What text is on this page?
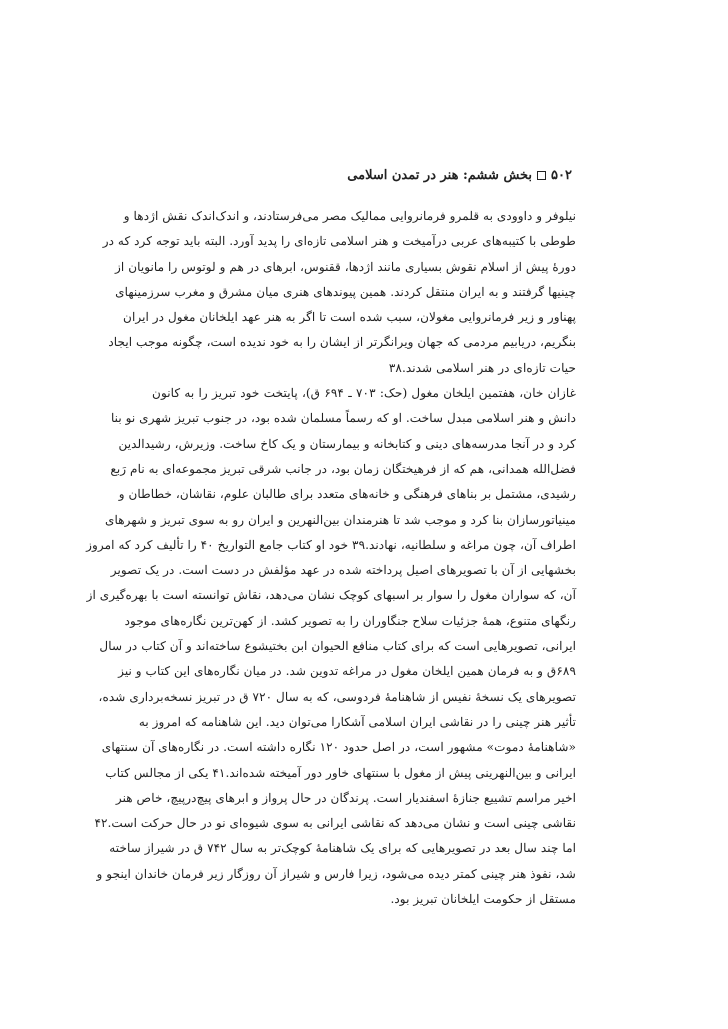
۵۰۲بخش ششم: هنر در تمدن اسلامی
نیلوفر و داوودی به قلمرو فرمانروایی ممالیک مصر می‌فرستادند، و اندک‌اندک نقش اژدها و
طوطی با کتیبه‌های عربی درآمیخت و هنر اسلامی تازه‌ای را پدید آورد. البته باید توجه کرد که در
دورهٔ پیش از اسلام نقوش بسیاری مانند اژدها، ققنوس، ابرهای در هم و لوتوس را مانویان از
چینیها گرفتند و به ایران منتقل کردند. همین پیوندهای هنری میان مشرق و مغرب سرزمینهای
پهناور و زیر فرمانروایی مغولان، سبب شده است تا اگر به هنر عهد ایلخانان مغول در ایران
بنگریم، دریابیم مردمی که جهان ویرانگرتر از ایشان را به خود ندیده است، چگونه موجب ایجاد
حیات تازه‌ای در هنر اسلامی شدند.۳۸
غازان خان، هفتمین ایلخان مغول (حک: ۷۰۳ ـ ۶۹۴ ق)، پایتخت خود تبریز را به کانون
دانش و هنر اسلامی مبدل ساخت. او که رسماً مسلمان شده بود، در جنوب تبریز شهری نو بنا
کرد و در آنجا مدرسه‌های دینی و کتابخانه و بیمارستان و یک کاخ ساخت. وزیرش، رشیدالدین
فضل‌الله همدانی، هم که از فرهیختگان زمان بود، در جانب شرقی تبریز مجموعه‌ای به نام رَبع
رشیدی، مشتمل بر بناهای فرهنگی و خانه‌های متعدد برای طالبان علوم، نقاشان، خطاطان و
مینیاتورسازان بنا کرد و موجب شد تا هنرمندان بین‌النهرین و ایران رو به سوی تبریز و شهرهای
اطراف آن، چون مراغه و سلطانیه، نهادند.۳۹ خود او کتاب جامع التواریخ ۴۰ را تألیف کرد که امروز
بخشهایی از آن با تصویرهای اصیل پرداخته شده در عهد مؤلفش در دست است. در یک تصویر
آن، که سواران مغول را سوار بر اسبهای کوچک نشان می‌دهد، نقاش توانسته است با بهره‌گیری از
رنگهای متنوع، همهٔ جزئیات سلاح جنگاوران را به تصویر کشد. از کهن‌ترین نگاره‌های موجود
ایرانی، تصویرهایی است که برای کتاب منافع الحیوان ابن بختیشوع ساخته‌اند و آن کتاب در سال
۶۸۹ق و به فرمان همین ایلخان مغول در مراغه تدوین شد. در میان نگاره‌های این کتاب و نیز
تصویرهای یک نسخهٔ نفیس از شاهنامهٔ فردوسی، که به سال ۷۲۰ ق در تبریز نسخه‌برداری شده،
تأثیر هنر چینی را در نقاشی ایران اسلامی آشکارا می‌توان دید. این شاهنامه که امروز به
«شاهنامهٔ دموت» مشهور است، در اصل حدود ۱۲۰ نگاره داشته است. در نگاره‌های آن سنتهای
ایرانی و بین‌النهرینی پیش از مغول با سنتهای خاور دور آمیخته شده‌اند.۴۱ یکی از مجالس کتاب
اخیر مراسم تشییع جنازهٔ اسفندیار است. پرندگان در حال پرواز و ابرهای پیچ‌درپیچ، خاص هنر
نقاشی چینی است و نشان می‌دهد که نقاشی ایرانی به سوی شیوه‌ای نو در حال حرکت است.۴۲
اما چند سال بعد در تصویرهایی که برای یک شاهنامهٔ کوچک‌تر به سال ۷۴۲ ق در شیراز ساخته
شد، نفوذ هنر چینی کمتر دیده می‌شود، زیرا فارس و شیراز آن روزگار زیر فرمان خاندان اینجو و
مستقل از حکومت ایلخانان تبریز بود.
